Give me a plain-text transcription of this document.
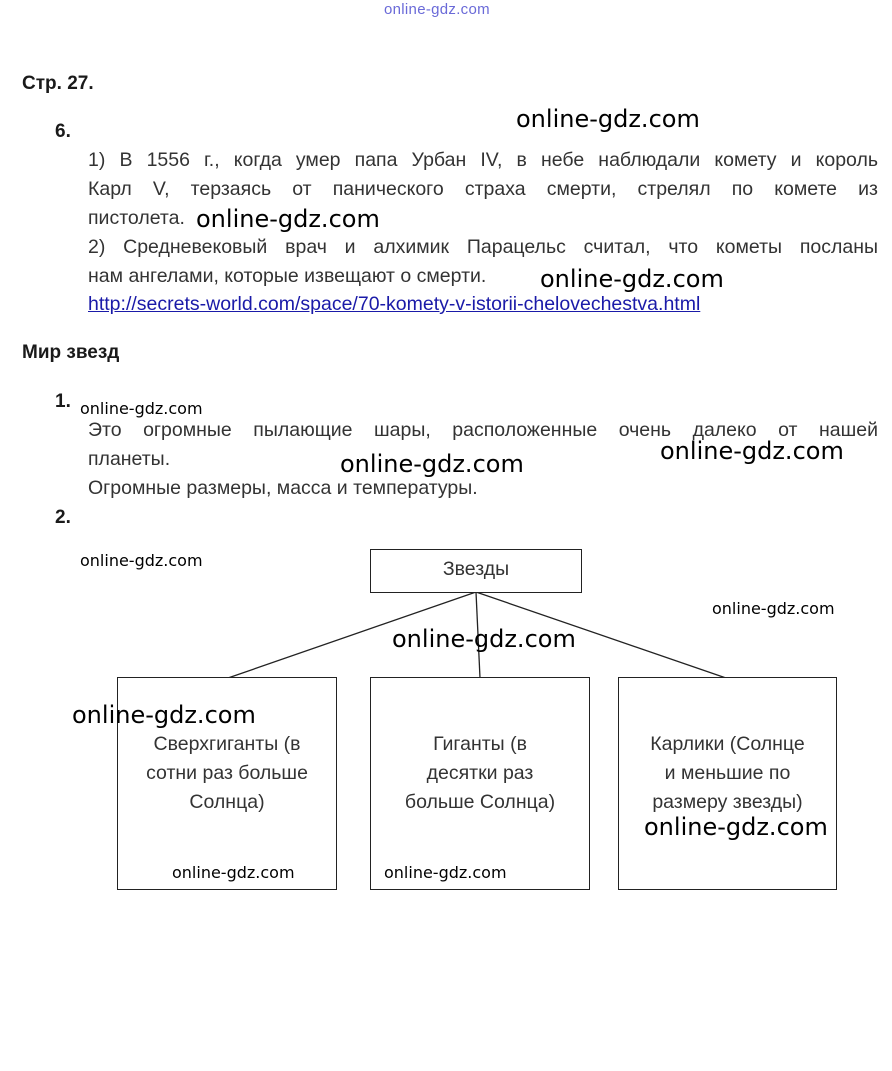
online-gdz.com
Стр. 27.
6.
1) В 1556 г., когда умер папа Урбан IV, в небе наблюдали комету и король
Карл V, терзаясь от панического страха смерти, стрелял по комете из
пистолета.
2) Средневековый врач и алхимик Парацельс считал, что кометы посланы
нам ангелами, которые извещают о смерти.
http://secrets-world.com/space/70-komety-v-istorii-chelovechestva.html
Мир звезд
1.
Это огромные пылающие шары, расположенные очень далеко от нашей
планеты.
Огромные размеры, масса и температуры.
2.
Звезды
Сверхгиганты (в
сотни раз больше
Солнца)
Гиганты (в
десятки раз
больше Солнца)
Карлики (Солнце
и меньшие по
размеру звезды)
online-gdz.com
online-gdz.com
online-gdz.com
online-gdz.com
online-gdz.com	online-gdz.com
online-gdz.com
online-gdz.com
online-gdz.com
online-gdz.com
online-gdz.com
online-gdz.com	online-gdz.com
